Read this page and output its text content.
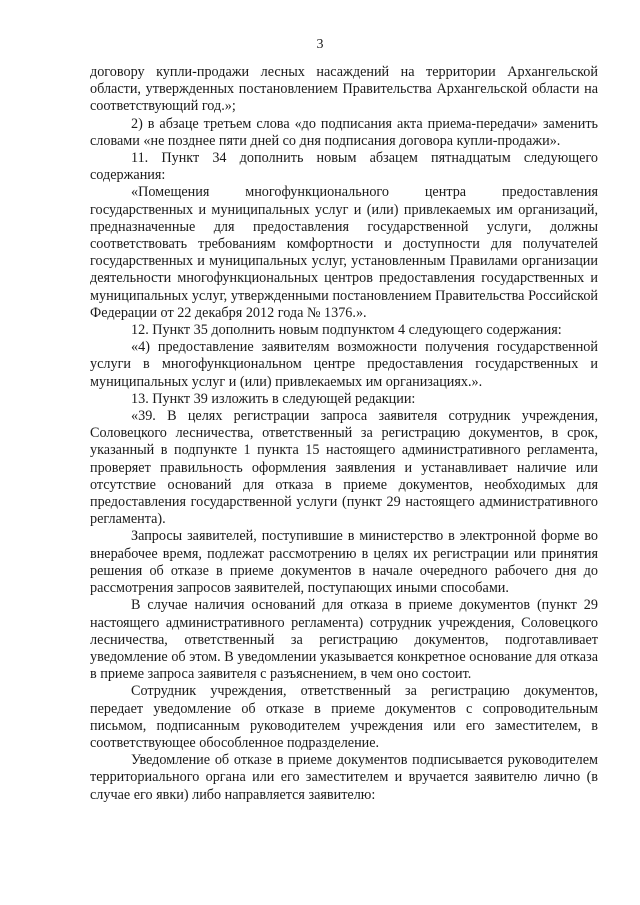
3

договору купли-продажи лесных насаждений на территории Архангельской области, утвержденных постановлением Правительства Архангельской области на соответствующий год.»;

2) в абзаце третьем слова «до подписания акта приема-передачи» заменить словами «не позднее пяти дней со дня подписания договора купли-продажи».

11. Пункт 34 дополнить новым абзацем пятнадцатым следующего содержания:

«Помещения многофункционального центра предоставления государственных и муниципальных услуг и (или) привлекаемых им организаций, предназначенные для предоставления государственной услуги, должны соответствовать требованиям комфортности и доступности для получателей государственных и муниципальных услуг, установленным Правилами организации деятельности многофункциональных центров предоставления государственных и муниципальных услуг, утвержденными постановлением Правительства Российской Федерации от 22 декабря 2012 года № 1376.».

12. Пункт 35 дополнить новым подпунктом 4 следующего содержания:

«4) предоставление заявителям возможности получения государственной услуги в многофункциональном центре предоставления государственных и муниципальных услуг и (или) привлекаемых им организациях.».

13. Пункт 39 изложить в следующей редакции:

«39. В целях регистрации запроса заявителя сотрудник учреждения, Соловецкого лесничества, ответственный за регистрацию документов, в срок, указанный в подпункте 1 пункта 15 настоящего административного регламента, проверяет правильность оформления заявления и устанавливает наличие или отсутствие оснований для отказа в приеме документов, необходимых для предоставления государственной услуги (пункт 29 настоящего административного регламента).

Запросы заявителей, поступившие в министерство в электронной форме во внерабочее время, подлежат рассмотрению в целях их регистрации или принятия решения об отказе в приеме документов в начале очередного рабочего дня до рассмотрения запросов заявителей, поступающих иными способами.

В случае наличия оснований для отказа в приеме документов (пункт 29 настоящего административного регламента) сотрудник учреждения, Соловецкого лесничества, ответственный за регистрацию документов, подготавливает уведомление об этом. В уведомлении указывается конкретное основание для отказа в приеме запроса заявителя с разъяснением, в чем оно состоит.

Сотрудник учреждения, ответственный за регистрацию документов, передает уведомление об отказе в приеме документов с сопроводительным письмом, подписанным руководителем учреждения или его заместителем, в соответствующее обособленное подразделение.

Уведомление об отказе в приеме документов подписывается руководителем территориального органа или его заместителем и вручается заявителю лично (в случае его явки) либо направляется заявителю:
